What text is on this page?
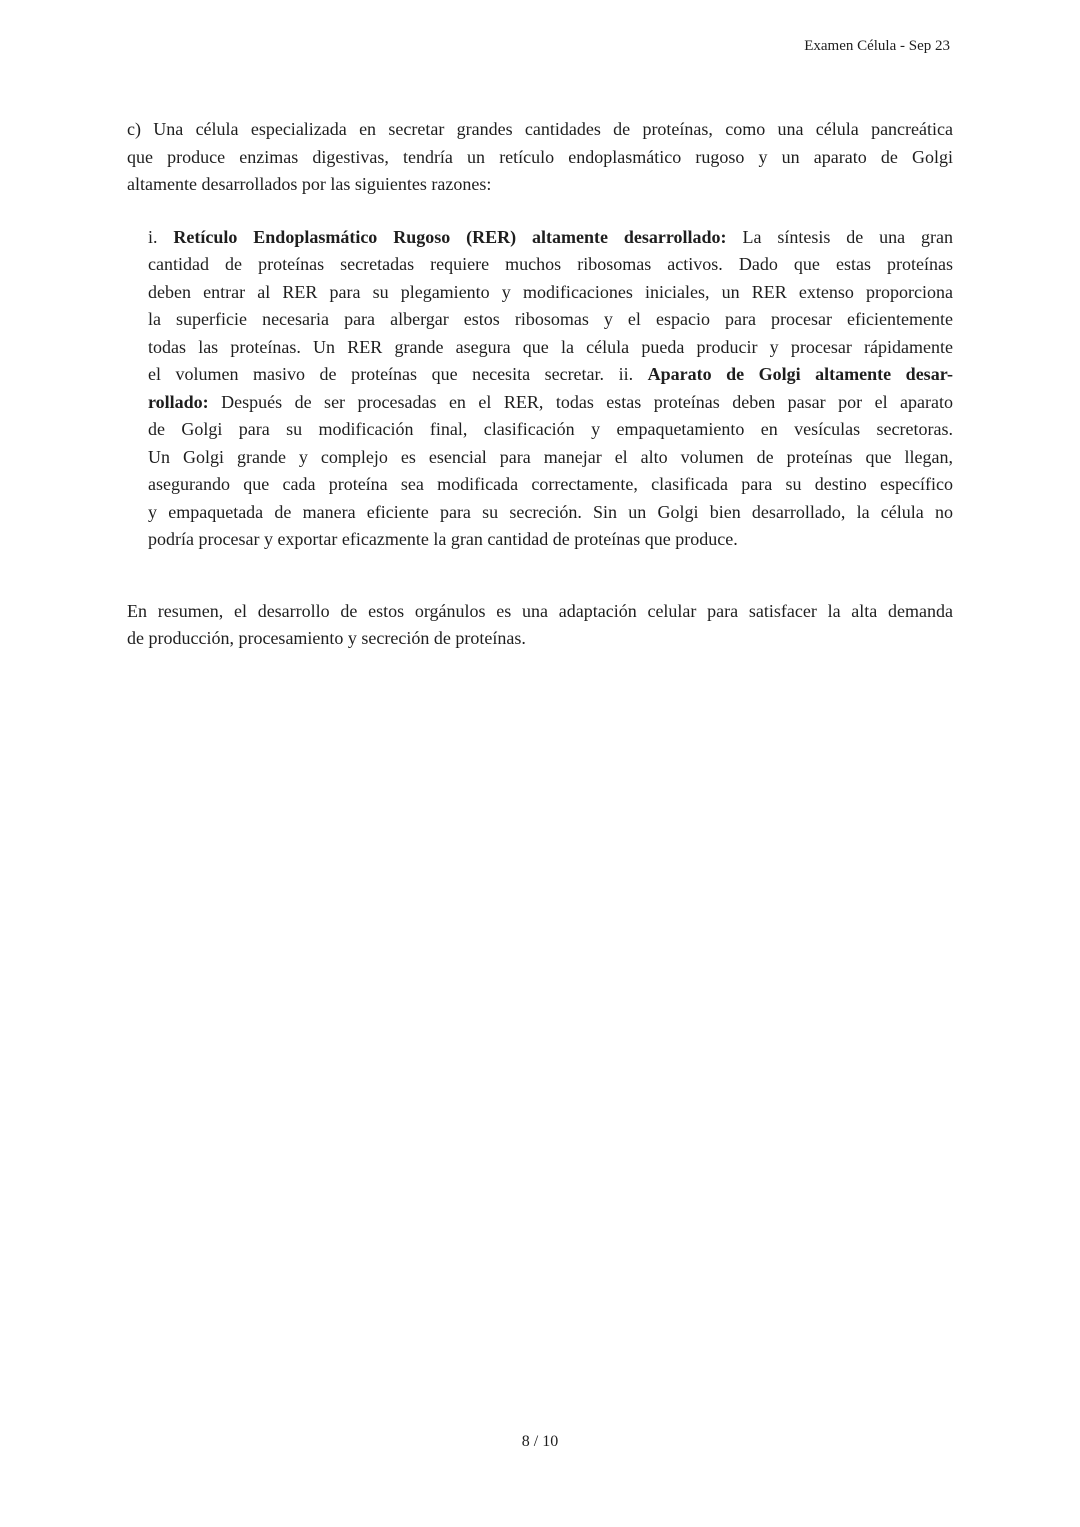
Examen Célula - Sep 23
c) Una célula especializada en secretar grandes cantidades de proteínas, como una célula pancreática
que produce enzimas digestivas, tendría un retículo endoplasmático rugoso y un aparato de Golgi
altamente desarrollados por las siguientes razones:
i. Retículo Endoplasmático Rugoso (RER) altamente desarrollado: La síntesis de una gran
cantidad de proteínas secretadas requiere muchos ribosomas activos. Dado que estas proteínas
deben entrar al RER para su plegamiento y modificaciones iniciales, un RER extenso proporciona
la superficie necesaria para albergar estos ribosomas y el espacio para procesar eficientemente
todas las proteínas. Un RER grande asegura que la célula pueda producir y procesar rápidamente
el volumen masivo de proteínas que necesita secretar. ii. Aparato de Golgi altamente desar-
rollado: Después de ser procesadas en el RER, todas estas proteínas deben pasar por el aparato
de Golgi para su modificación final, clasificación y empaquetamiento en vesículas secretoras.
Un Golgi grande y complejo es esencial para manejar el alto volumen de proteínas que llegan,
asegurando que cada proteína sea modificada correctamente, clasificada para su destino específico
y empaquetada de manera eficiente para su secreción. Sin un Golgi bien desarrollado, la célula no
podría procesar y exportar eficazmente la gran cantidad de proteínas que produce.
En resumen, el desarrollo de estos orgánulos es una adaptación celular para satisfacer la alta demanda
de producción, procesamiento y secreción de proteínas.
8 / 10
